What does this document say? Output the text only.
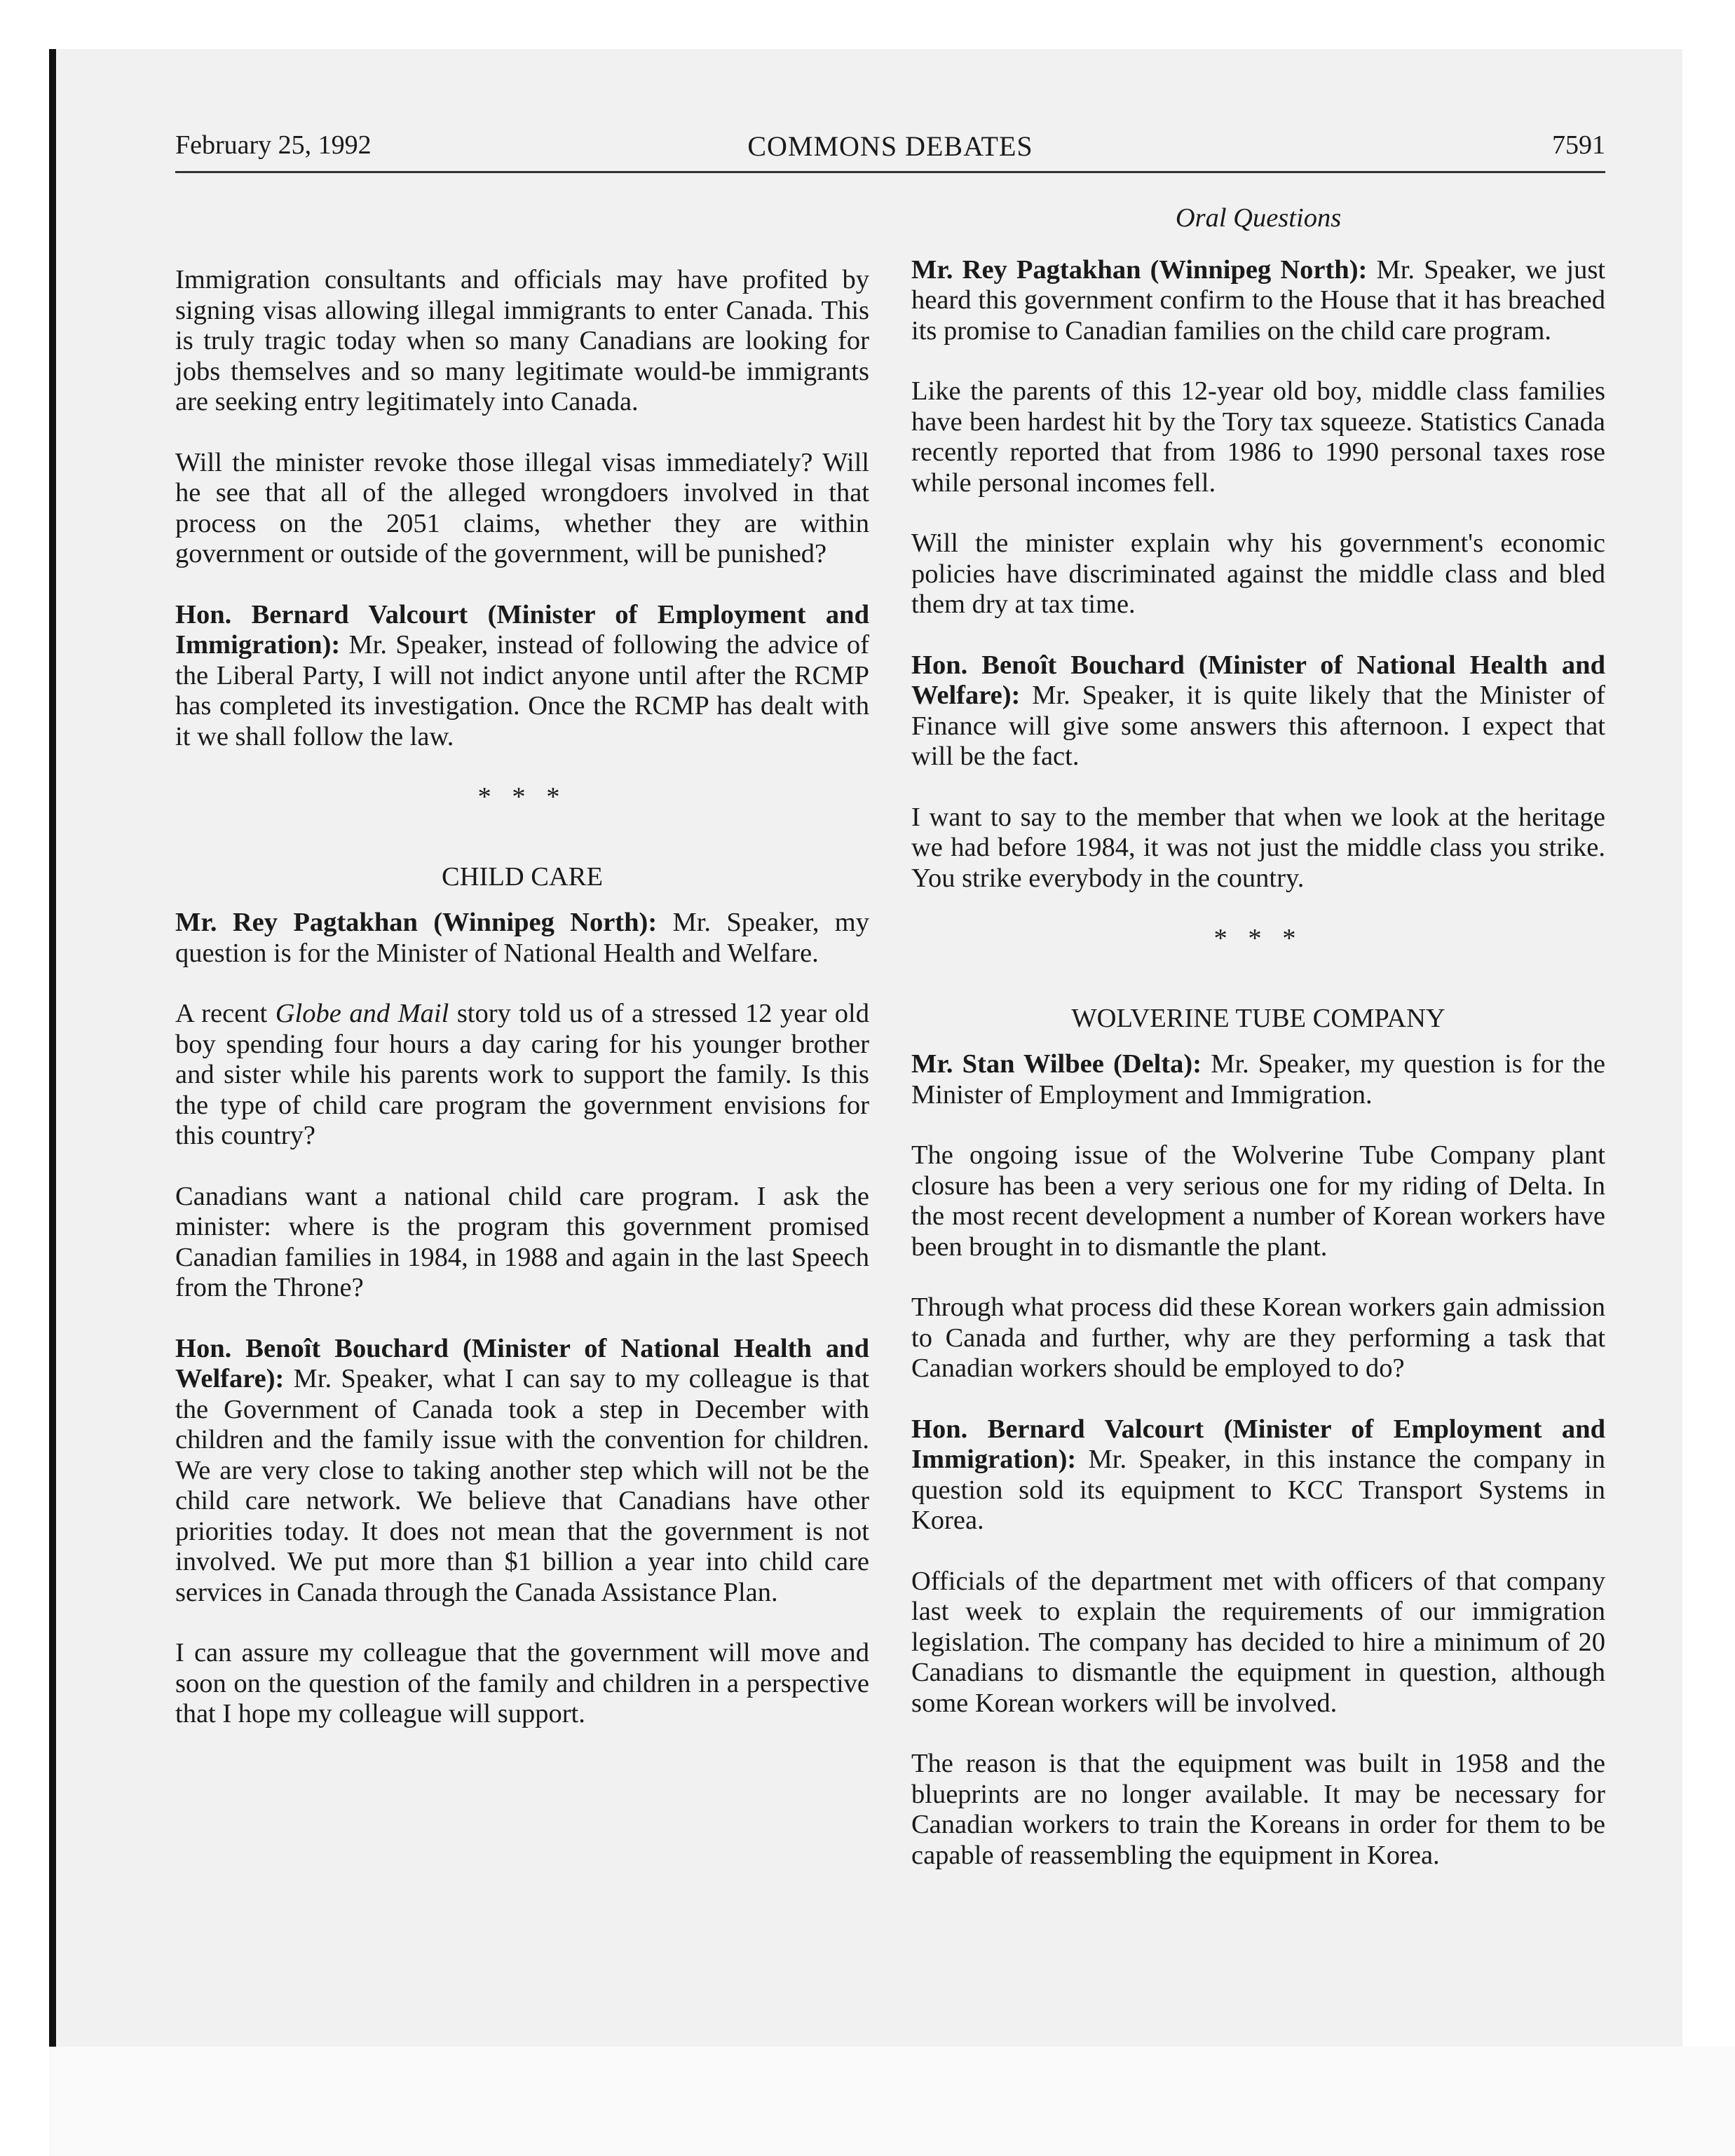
February 25, 1992	COMMONS DEBATES	7591

Immigration consultants and officials may have profited by signing visas allowing illegal immigrants to enter Canada. This is truly tragic today when so many Canadians are looking for jobs themselves and so many legitimate would-be immigrants are seeking entry legitimately into Canada.

Will the minister revoke those illegal visas immediately? Will he see that all of the alleged wrongdoers involved in that process on the 2051 claims, whether they are within government or outside of the government, will be punished?

Hon. Bernard Valcourt (Minister of Employment and Immigration): Mr. Speaker, instead of following the advice of the Liberal Party, I will not indict anyone until after the RCMP has completed its investigation. Once the RCMP has dealt with it we shall follow the law.

* * *
CHILD CARE

Mr. Rey Pagtakhan (Winnipeg North): Mr. Speaker, my question is for the Minister of National Health and Welfare.

A recent Globe and Mail story told us of a stressed 12 year old boy spending four hours a day caring for his younger brother and sister while his parents work to support the family. Is this the type of child care program the government envisions for this country?

Canadians want a national child care program. I ask the minister: where is the program this government promised Canadian families in 1984, in 1988 and again in the last Speech from the Throne?

Hon. Benoît Bouchard (Minister of National Health and Welfare): Mr. Speaker, what I can say to my colleague is that the Government of Canada took a step in December with children and the family issue with the convention for children. We are very close to taking another step which will not be the child care network. We believe that Canadians have other priorities today. It does not mean that the government is not involved. We put more than $1 billion a year into child care services in Canada through the Canada Assistance Plan.

I can assure my colleague that the government will move and soon on the question of the family and children in a perspective that I hope my colleague will support.

Oral Questions

Mr. Rey Pagtakhan (Winnipeg North): Mr. Speaker, we just heard this government confirm to the House that it has breached its promise to Canadian families on the child care program.

Like the parents of this 12-year old boy, middle class families have been hardest hit by the Tory tax squeeze. Statistics Canada recently reported that from 1986 to 1990 personal taxes rose while personal incomes fell.

Will the minister explain why his government's economic policies have discriminated against the middle class and bled them dry at tax time.

Hon. Benoît Bouchard (Minister of National Health and Welfare): Mr. Speaker, it is quite likely that the Minister of Finance will give some answers this afternoon. I expect that will be the fact.

I want to say to the member that when we look at the heritage we had before 1984, it was not just the middle class you strike. You strike everybody in the country.

* * *
WOLVERINE TUBE COMPANY

Mr. Stan Wilbee (Delta): Mr. Speaker, my question is for the Minister of Employment and Immigration.

The ongoing issue of the Wolverine Tube Company plant closure has been a very serious one for my riding of Delta. In the most recent development a number of Korean workers have been brought in to dismantle the plant.

Through what process did these Korean workers gain admission to Canada and further, why are they performing a task that Canadian workers should be employed to do?

Hon. Bernard Valcourt (Minister of Employment and Immigration): Mr. Speaker, in this instance the company in question sold its equipment to KCC Transport Systems in Korea.

Officials of the department met with officers of that company last week to explain the requirements of our immigration legislation. The company has decided to hire a minimum of 20 Canadians to dismantle the equipment in question, although some Korean workers will be involved.

The reason is that the equipment was built in 1958 and the blueprints are no longer available. It may be necessary for Canadian workers to train the Koreans in order for them to be capable of reassembling the equipment in Korea.
